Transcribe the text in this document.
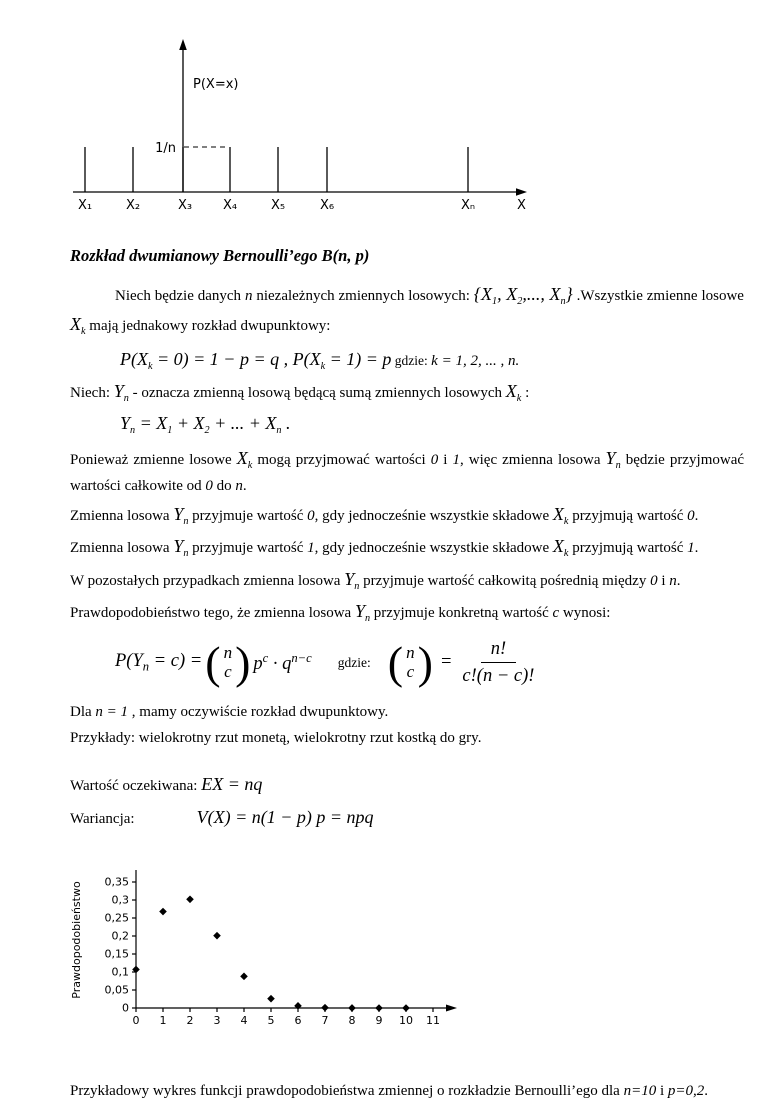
1/n
P(X=x)
X₁	X₂	X₃ X₄	X₅	X₆	Xₙ	X
Rozkład dwumianowy Bernoulli’ego B(n, p)

Niech będzie danych n niezależnych zmiennych losowych: {$X_1$, $X_2$,..., $X_n$} .Wszystkie zmienne losowe $X_k$ mają jednakowy rozkład dwupunktowy:

$P(X_k = 0) = 1 - p = q$ , $P(X_k = 1) = p$ gdzie: k = 1, 2, ... , n.

Niech: $Y_n$ - oznacza zmienną losową będącą sumą zmiennych losowych $X_k$ :

$Y_n = X_1 + X_2$ + ... + $X_n$ .

Ponieważ zmienne losowe $X_k$ mogą przyjmować wartości 0 i 1, więc zmienna losowa $Y_n$ będzie przyjmować wartości całkowite od 0 do n.

Zmienna losowa $Y_n$ przyjmuje wartość 0, gdy jednocześnie wszystkie składowe $X_k$ przyjmują wartość 0.

Zmienna losowa $Y_n$ przyjmuje wartość 1, gdy jednocześnie wszystkie składowe $X_k$ przyjmują wartość 1.

W pozostałych przypadkach zmienna losowa $Y_n$ przyjmuje wartość całkowitą pośrednią między 0 i n.

Prawdopodobieństwo tego, że zmienna losowa $Y_n$ przyjmuje konkretną wartość c wynosi:

$P(Y_n = c)$ = ( n
c ) $p^c \cdot q^{n-c}$ gdzie: ( n
c ) = $\frac{n!}{c!(n - c)!}$

Dla n = 1 , mamy oczywiście rozkład dwupunktowy.

Przykłady: wielokrotny rzut monetą, wielokrotny rzut kostką do gry.

Wartość oczekiwana: EX = nq

Wariancja:	V(X) = n(1 − p) p = npq

0
0,05
0,1
0,15
0,2
0,25
0,3
0,35
0 1 2 3 4 5 6 7 8 9 10 11
Prawdopodobieństwo

Przykładowy wykres funkcji prawdopodobieństwa zmiennej o rozkładzie Bernoulli’ego dla n=10 i p=0,2.
